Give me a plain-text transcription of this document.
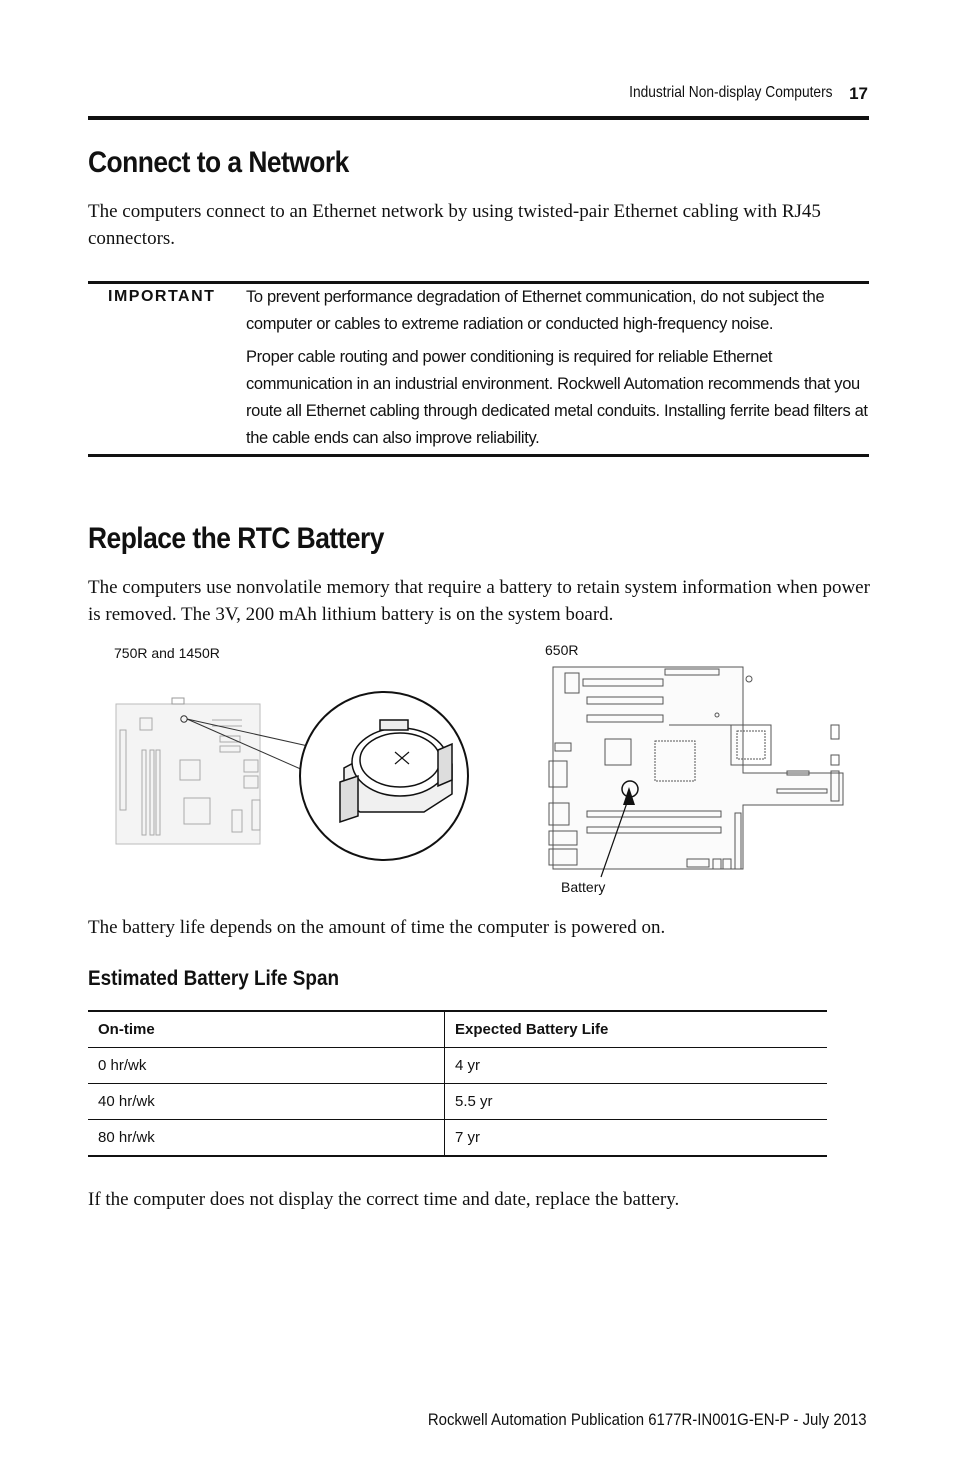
Industrial Non-display Computers 17
Connect to a Network

The computers connect to an Ethernet network by using twisted-pair Ethernet cabling with RJ45 connectors.

IMPORTANT To prevent performance degradation of Ethernet communication, do not subject the computer or cables to extreme radiation or conducted high-frequency noise.

Proper cable routing and power conditioning is required for reliable Ethernet communication in an industrial environment. Rockwell Automation recommends that you route all Ethernet cabling through dedicated metal conduits. Installing ferrite bead filters at the cable ends can also improve reliability.

Replace the RTC Battery

The computers use nonvolatile memory that require a battery to retain system information when power is removed. The 3V, 200 mAh lithium battery is on the system board.

750R and 1450R	650R
Battery

The battery life depends on the amount of time the computer is powered on.

Estimated Battery Life Span
On-time	Expected Battery Life
0 hr/wk	4 yr
40 hr/wk	5.5 yr
80 hr/wk	7 yr

If the computer does not display the correct time and date, replace the battery.

Rockwell Automation Publication 6177R-IN001G-EN-P - July 2013
